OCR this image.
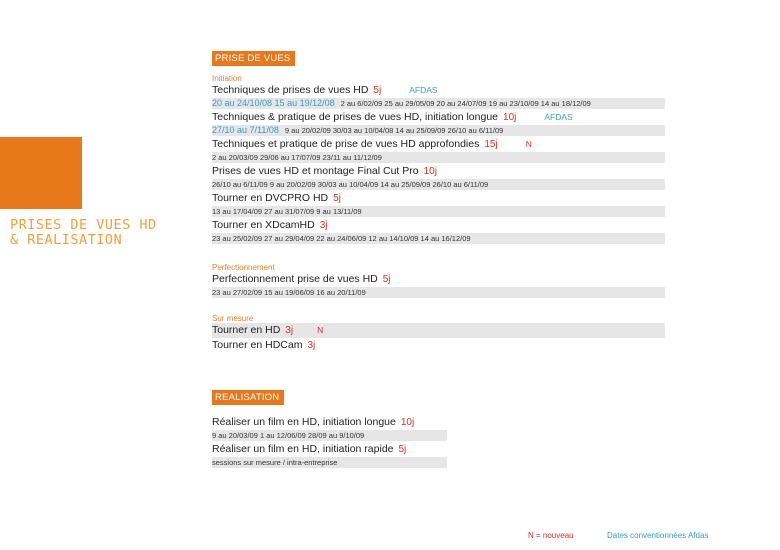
PRISES DE VUES HD
& REALISATION
PRISE DE VUES
Initiation
Techniques de prises de vues HD 5j	AFDAS
20 au 24/10/08 15 au 19/12/08 2 au 6/02/09 25 au 29/05/09 20 au 24/07/09 19 au 23/10/09 14 au 18/12/09
Techniques & pratique de prises de vues HD, initiation longue 10j	AFDAS
27/10 au 7/11/08 9 au 20/02/09 30/03 au 10/04/08 14 au 25/09/09 26/10 au 6/11/09
Techniques et pratique de prise de vues HD approfondies 15j	N
2 au 20/03/09 29/06 au 17/07/09 23/11 au 11/12/09
Prises de vues HD et montage Final Cut Pro 10j
26/10 au 6/11/09 9 au 20/02/09 30/03 au 10/04/09 14 au 25/09/09 26/10 au 6/11/09
Tourner en DVCPRO HD 5j
13 au 17/04/09 27 au 31/07/09 9 au 13/11/09
Tourner en XDcamHD 3j
23 au 25/02/09 27 au 29/04/09 22 au 24/06/09 12 au 14/10/09 14 au 16/12/09
Perfectionnement
Perfectionnement prise de vues HD 5j
23 au 27/02/09 15 au 19/06/09 16 au 20/11/09
Sur mesure
Tourner en HD 3j	N
Tourner en HDCam 3j
REALISATION
Réaliser un film en HD, initiation longue 10j
9 au 20/03/09 1 au 12/06/09 28/09 au 9/10/09
Réaliser un film en HD, initiation rapide 5j
sessions sur mesure / intra-entreprise
N = nouveau	Dates conventionnées Afdas
